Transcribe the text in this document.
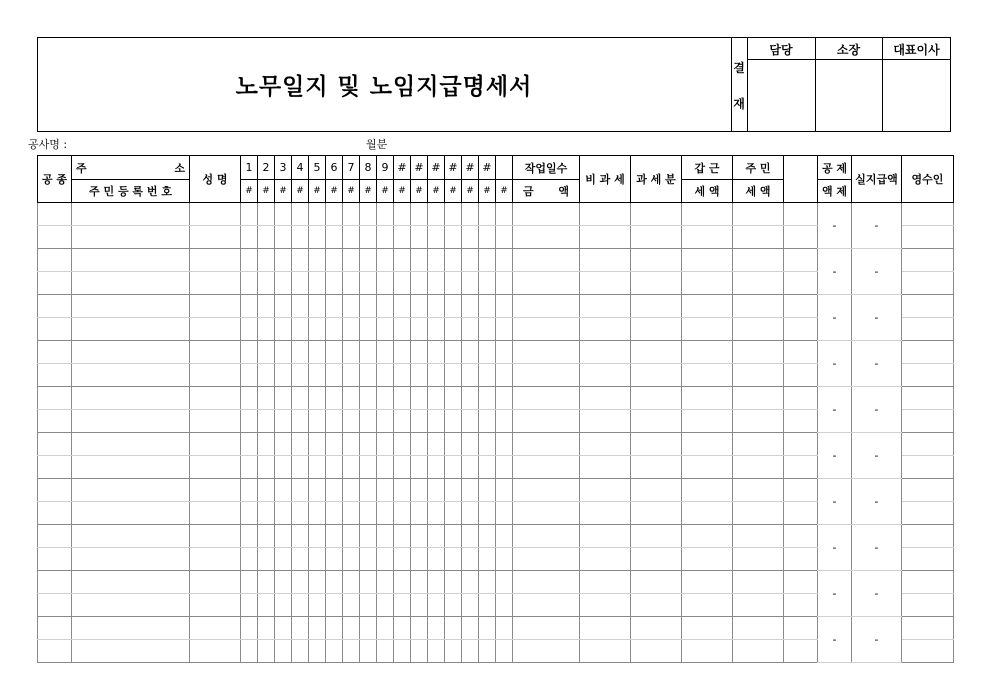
노무일지 및 노임지급명세서
결
재
담당	소장	대표이사
공사명 :	월분
공 종	주 소	성 명	1	2	3	4	5	6	7	8	9	#	#	#	#	#	#		작업일수	비 과 세	과 세 분	갑 근	주 민		공 제	실지급액	영수인
	주 민 등 록 번 호		#	#	#	#	#	#	#	#	#	#	#	#	#	#	#	#	금 액			세 액	세 액		액 제		
																									-	-	

																									-	-	

																									-	-	

																									-	-	

																									-	-	

																									-	-	

																									-	-	

																									-	-	

																									-	-	

																									-	-	
